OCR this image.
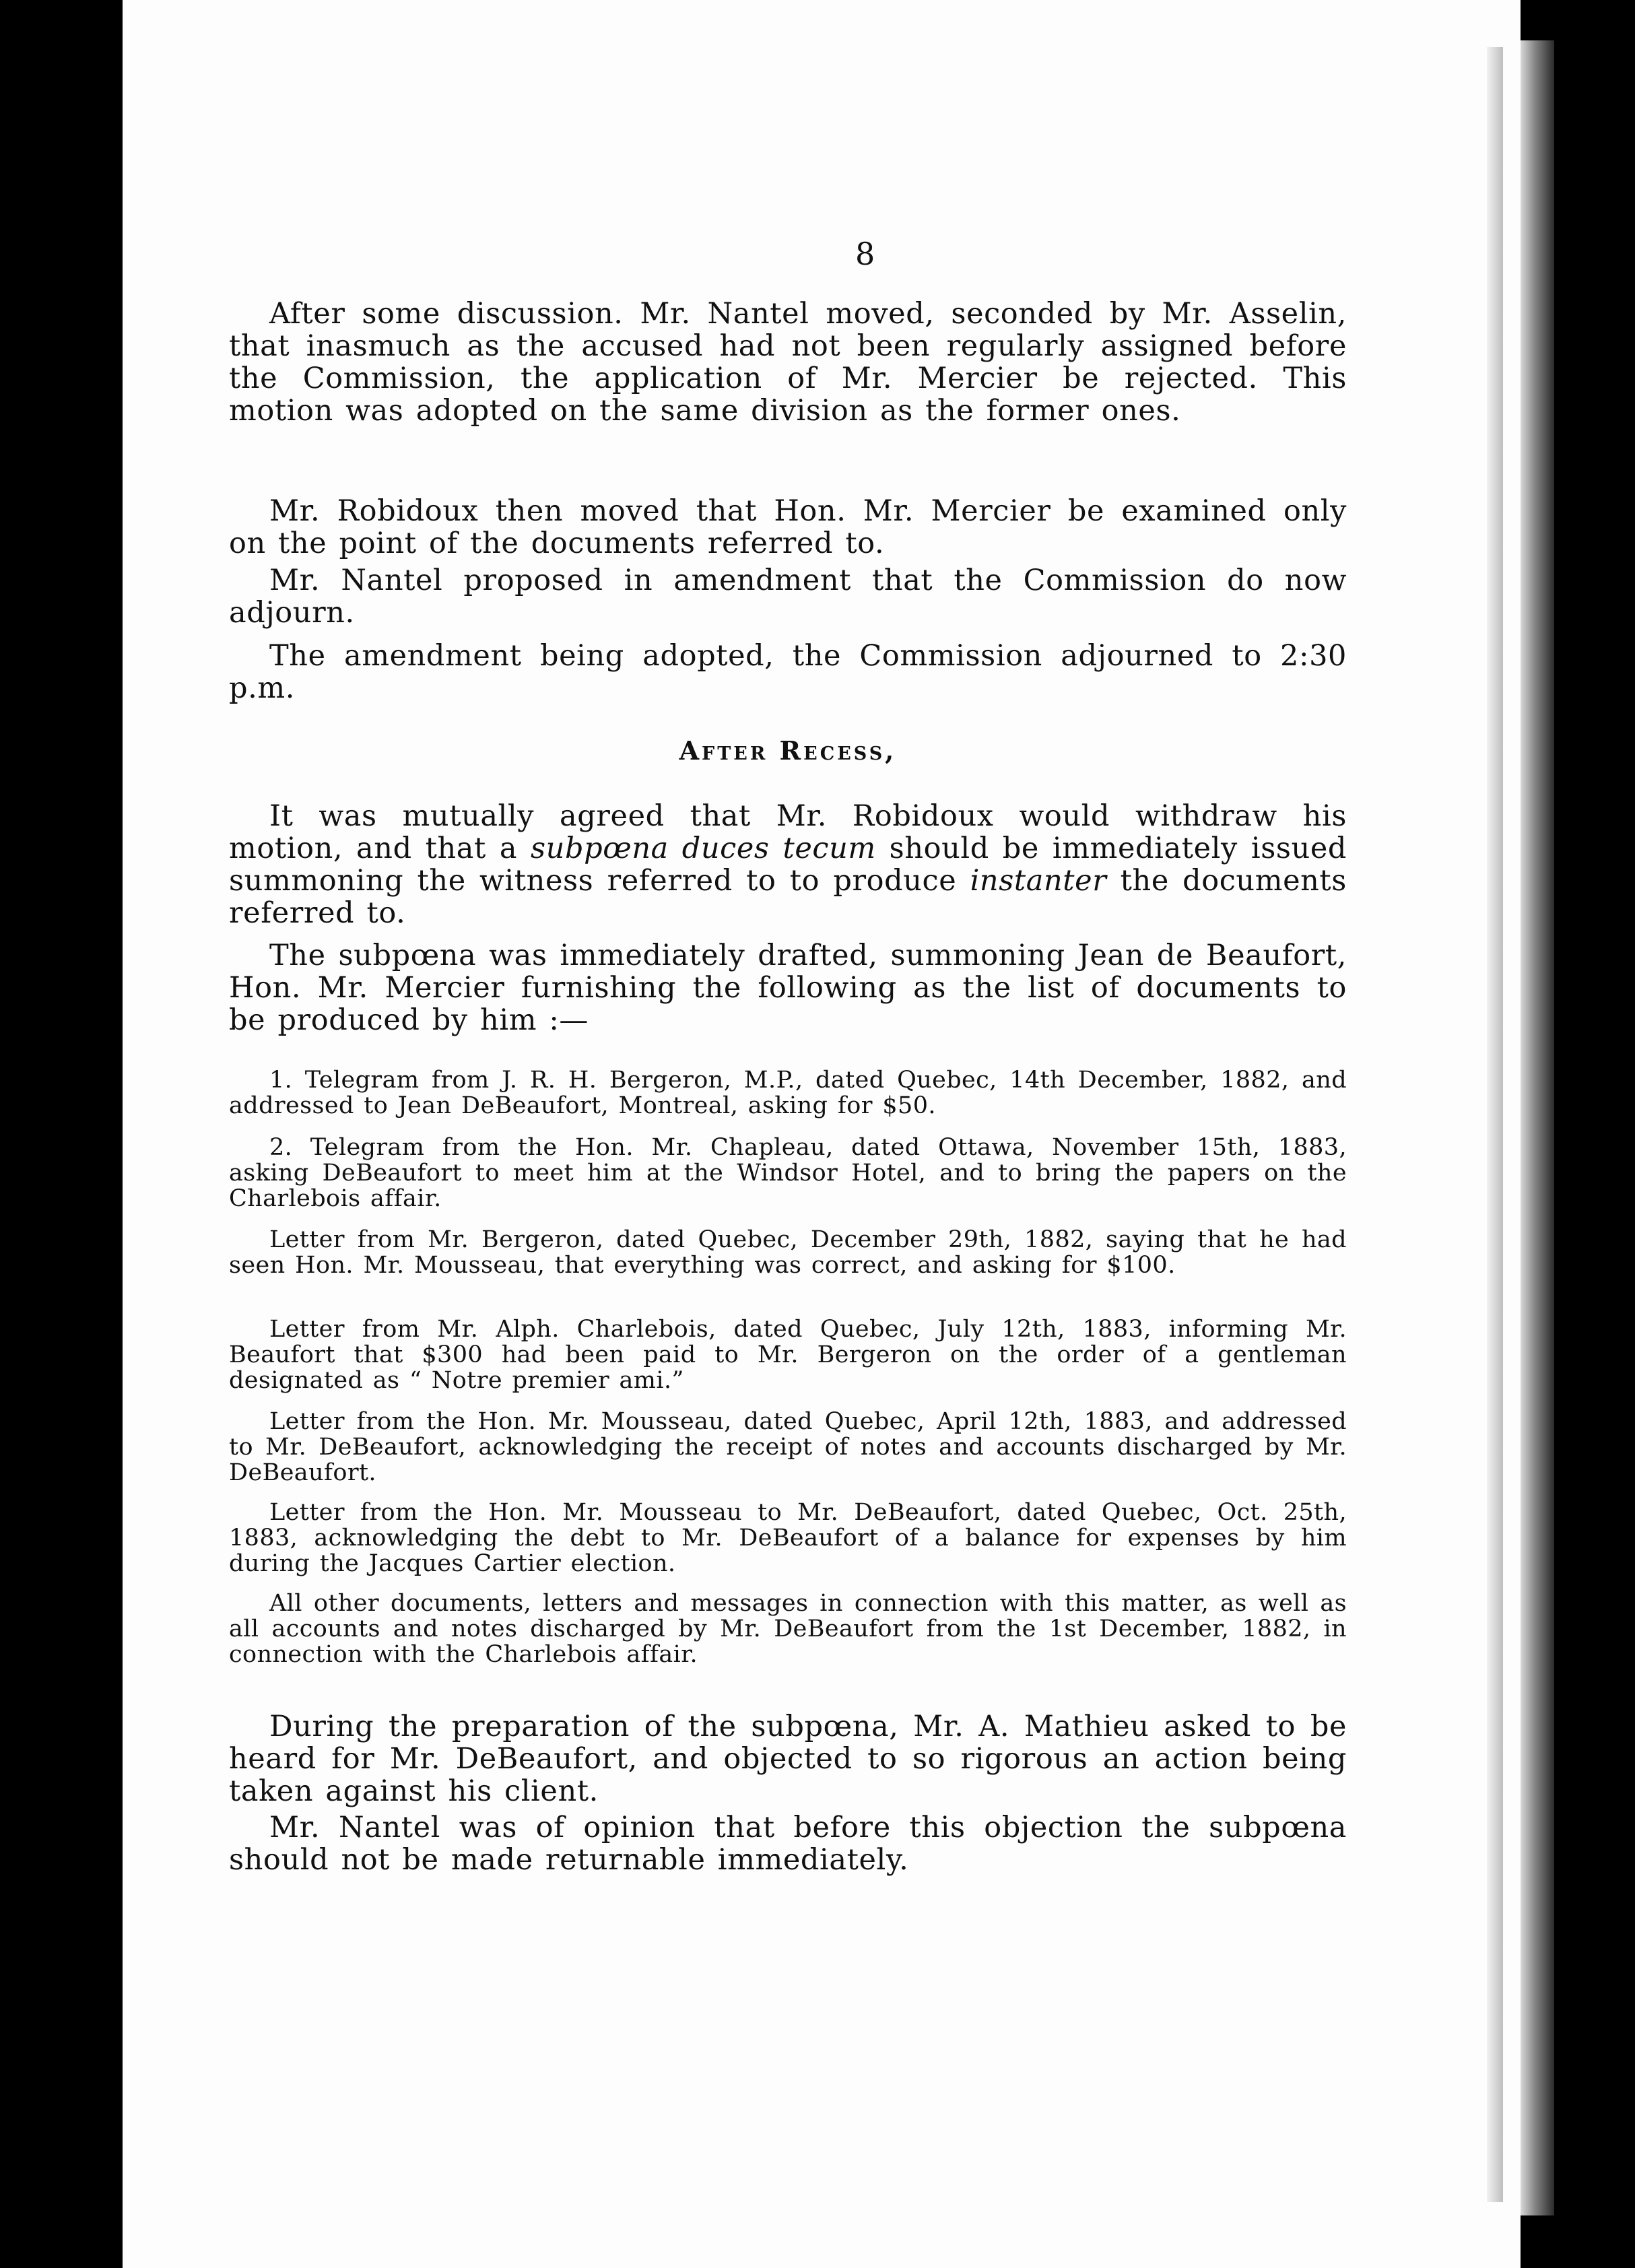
8

After some discussion. Mr. Nantel moved, seconded by Mr. Asselin, that inasmuch as the accused had not been regularly assigned before the Commission, the application of Mr. Mercier be rejected. This motion was adopted on the same division as the former ones.

Mr. Robidoux then moved that Hon. Mr. Mercier be examined only on the point of the documents referred to.

Mr. Nantel proposed in amendment that the Commission do now adjourn.

The amendment being adopted, the Commission adjourned to 2:30 p.m.

After Recess,

It was mutually agreed that Mr. Robidoux would withdraw his motion, and that a subpœna duces tecum should be immediately issued summoning the witness referred to to produce instanter the documents referred to.

The subpœna was immediately drafted, summoning Jean de Beaufort, Hon. Mr. Mercier furnishing the following as the list of documents to be produced by him :—

1. Telegram from J. R. H. Bergeron, M.P., dated Quebec, 14th December, 1882, and addressed to Jean DeBeaufort, Montreal, asking for $50.

2. Telegram from the Hon. Mr. Chapleau, dated Ottawa, November 15th, 1883, asking DeBeaufort to meet him at the Windsor Hotel, and to bring the papers on the Charlebois affair.

Letter from Mr. Bergeron, dated Quebec, December 29th, 1882, saying that he had seen Hon. Mr. Mousseau, that everything was correct, and asking for $100.

Letter from Mr. Alph. Charlebois, dated Quebec, July 12th, 1883, informing Mr. Beaufort that $300 had been paid to Mr. Bergeron on the order of a gentleman designated as “ Notre premier ami.”

Letter from the Hon. Mr. Mousseau, dated Quebec, April 12th, 1883, and addressed to Mr. DeBeaufort, acknowledging the receipt of notes and accounts discharged by Mr. DeBeaufort.

Letter from the Hon. Mr. Mousseau to Mr. DeBeaufort, dated Quebec, Oct. 25th, 1883, acknowledging the debt to Mr. DeBeaufort of a balance for expenses by him during the Jacques Cartier election.

All other documents, letters and messages in connection with this matter, as well as all accounts and notes discharged by Mr. DeBeaufort from the 1st December, 1882, in connection with the Charlebois affair.

During the preparation of the subpœna, Mr. A. Mathieu asked to be heard for Mr. DeBeaufort, and objected to so rigorous an action being taken against his client.

Mr. Nantel was of opinion that before this objection the subpœna should not be made returnable immediately.
